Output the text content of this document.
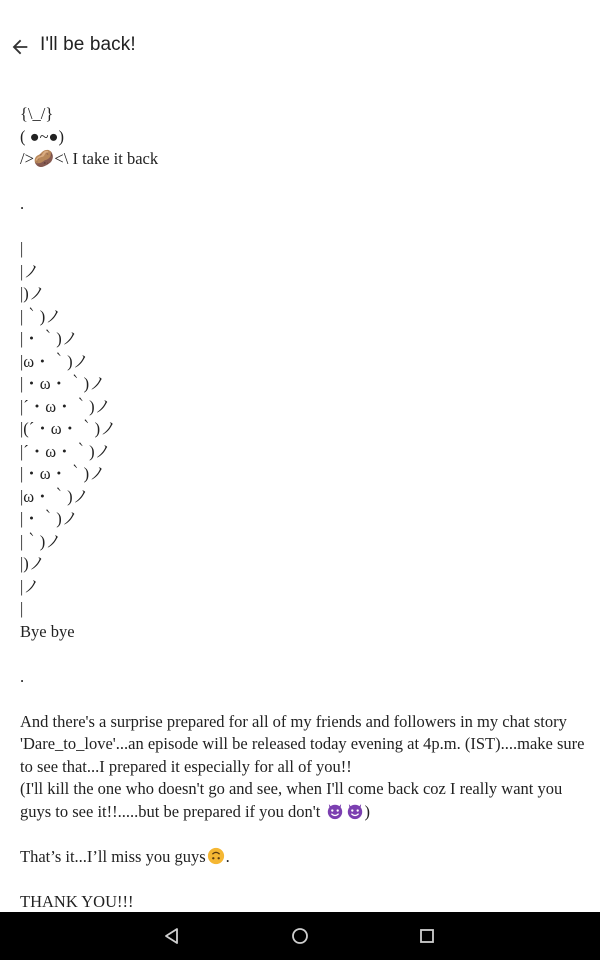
I'll be back!
{\_/}
( ●~●)
/>🥔<\ I take it back
.
|
|ノ
|)ノ
|｀)ノ
|・｀)ノ
|ω・｀)ノ
|・ω・｀)ノ
|´・ω・｀)ノ
|(´・ω・｀)ノ
|´・ω・｀)ノ
|・ω・｀)ノ
|ω・｀)ノ
|・｀)ノ
|｀)ノ
|)ノ
|ノ
|
Bye bye
.
And there's a surprise prepared for all of my friends and followers in my chat story 'Dare_to_love'...an episode will be released today evening at 4p.m. (IST)....make sure to see that...I prepared it especially for all of you!!
(I'll kill the one who doesn't go and see, when I'll come back coz I really want you guys to see it!!.....but be prepared if you don't	)
That’s it...I’ll miss you guys .
THANK YOU!!!
